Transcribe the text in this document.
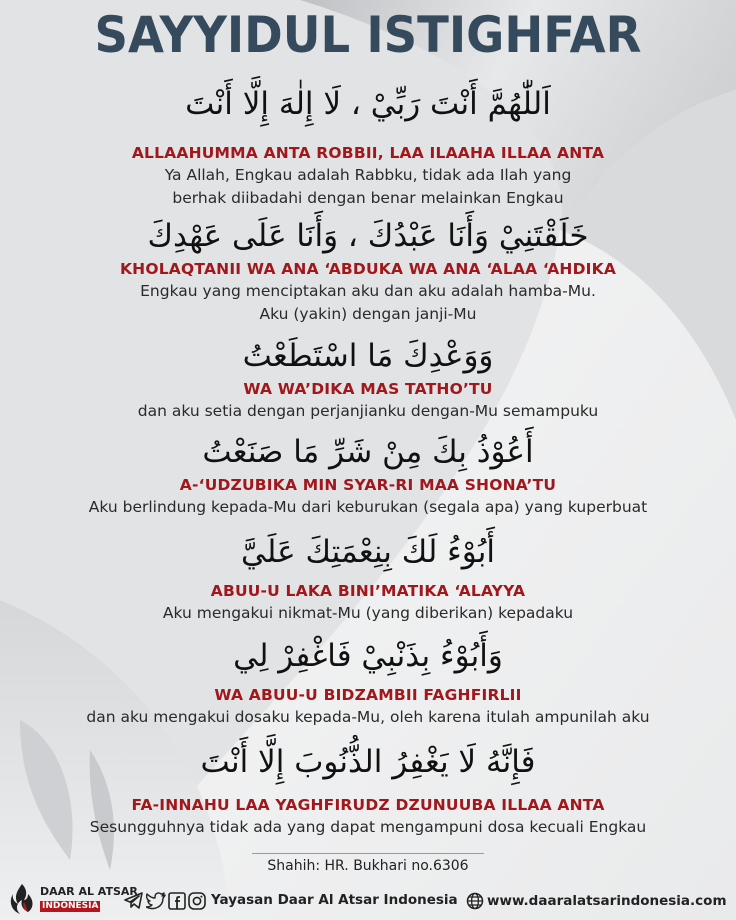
SAYYIDUL ISTIGHFAR
اَللّٰهُمَّ أَنْتَ رَبِّيْ ، لَا إِلٰهَ إِلَّا أَنْتَ
ALLAAHUMMA ANTA ROBBII, LAA ILAAHA ILLAA ANTA
Ya Allah, Engkau adalah Rabbku, tidak ada Ilah yang
berhak diibadahi dengan benar melainkan Engkau
خَلَقْتَنِيْ وَأَنَا عَبْدُكَ ، وَأَنَا عَلَى عَهْدِكَ
KHOLAQTANII WA ANA ‘ABDUKA WA ANA ‘ALAA ‘AHDIKA
Engkau yang menciptakan aku dan aku adalah hamba-Mu.
Aku (yakin) dengan janji-Mu
وَوَعْدِكَ مَا اسْتَطَعْتُ
WA WA’DIKA MAS TATHO’TU
dan aku setia dengan perjanjianku dengan-Mu semampuku
أَعُوْذُ بِكَ مِنْ شَرِّ مَا صَنَعْتُ
A-‘UDZUBIKA MIN SYAR-RI MAA SHONA’TU
Aku berlindung kepada-Mu dari keburukan (segala apa) yang kuperbuat
أَبُوْءُ لَكَ بِنِعْمَتِكَ عَلَيَّ
ABUU-U LAKA BINI’MATIKA ‘ALAYYA
Aku mengakui nikmat-Mu (yang diberikan) kepadaku
وَأَبُوْءُ بِذَنْبِيْ فَاغْفِرْ لِي
WA ABUU-U BIDZAMBII FAGHFIRLII
dan aku mengakui dosaku kepada-Mu, oleh karena itulah ampunilah aku
فَإِنَّهُ لَا يَغْفِرُ الذُّنُوبَ إِلَّا أَنْتَ
FA-INNAHU LAA YAGHFIRUDZ DZUNUUBA ILLAA ANTA
Sesungguhnya tidak ada yang dapat mengampuni dosa kecuali Engkau
Shahih: HR. Bukhari no.6306
DAAR AL ATSAR
INDONESIA	Yayasan Daar Al Atsar Indonesia www.daaralatsarindonesia.com
